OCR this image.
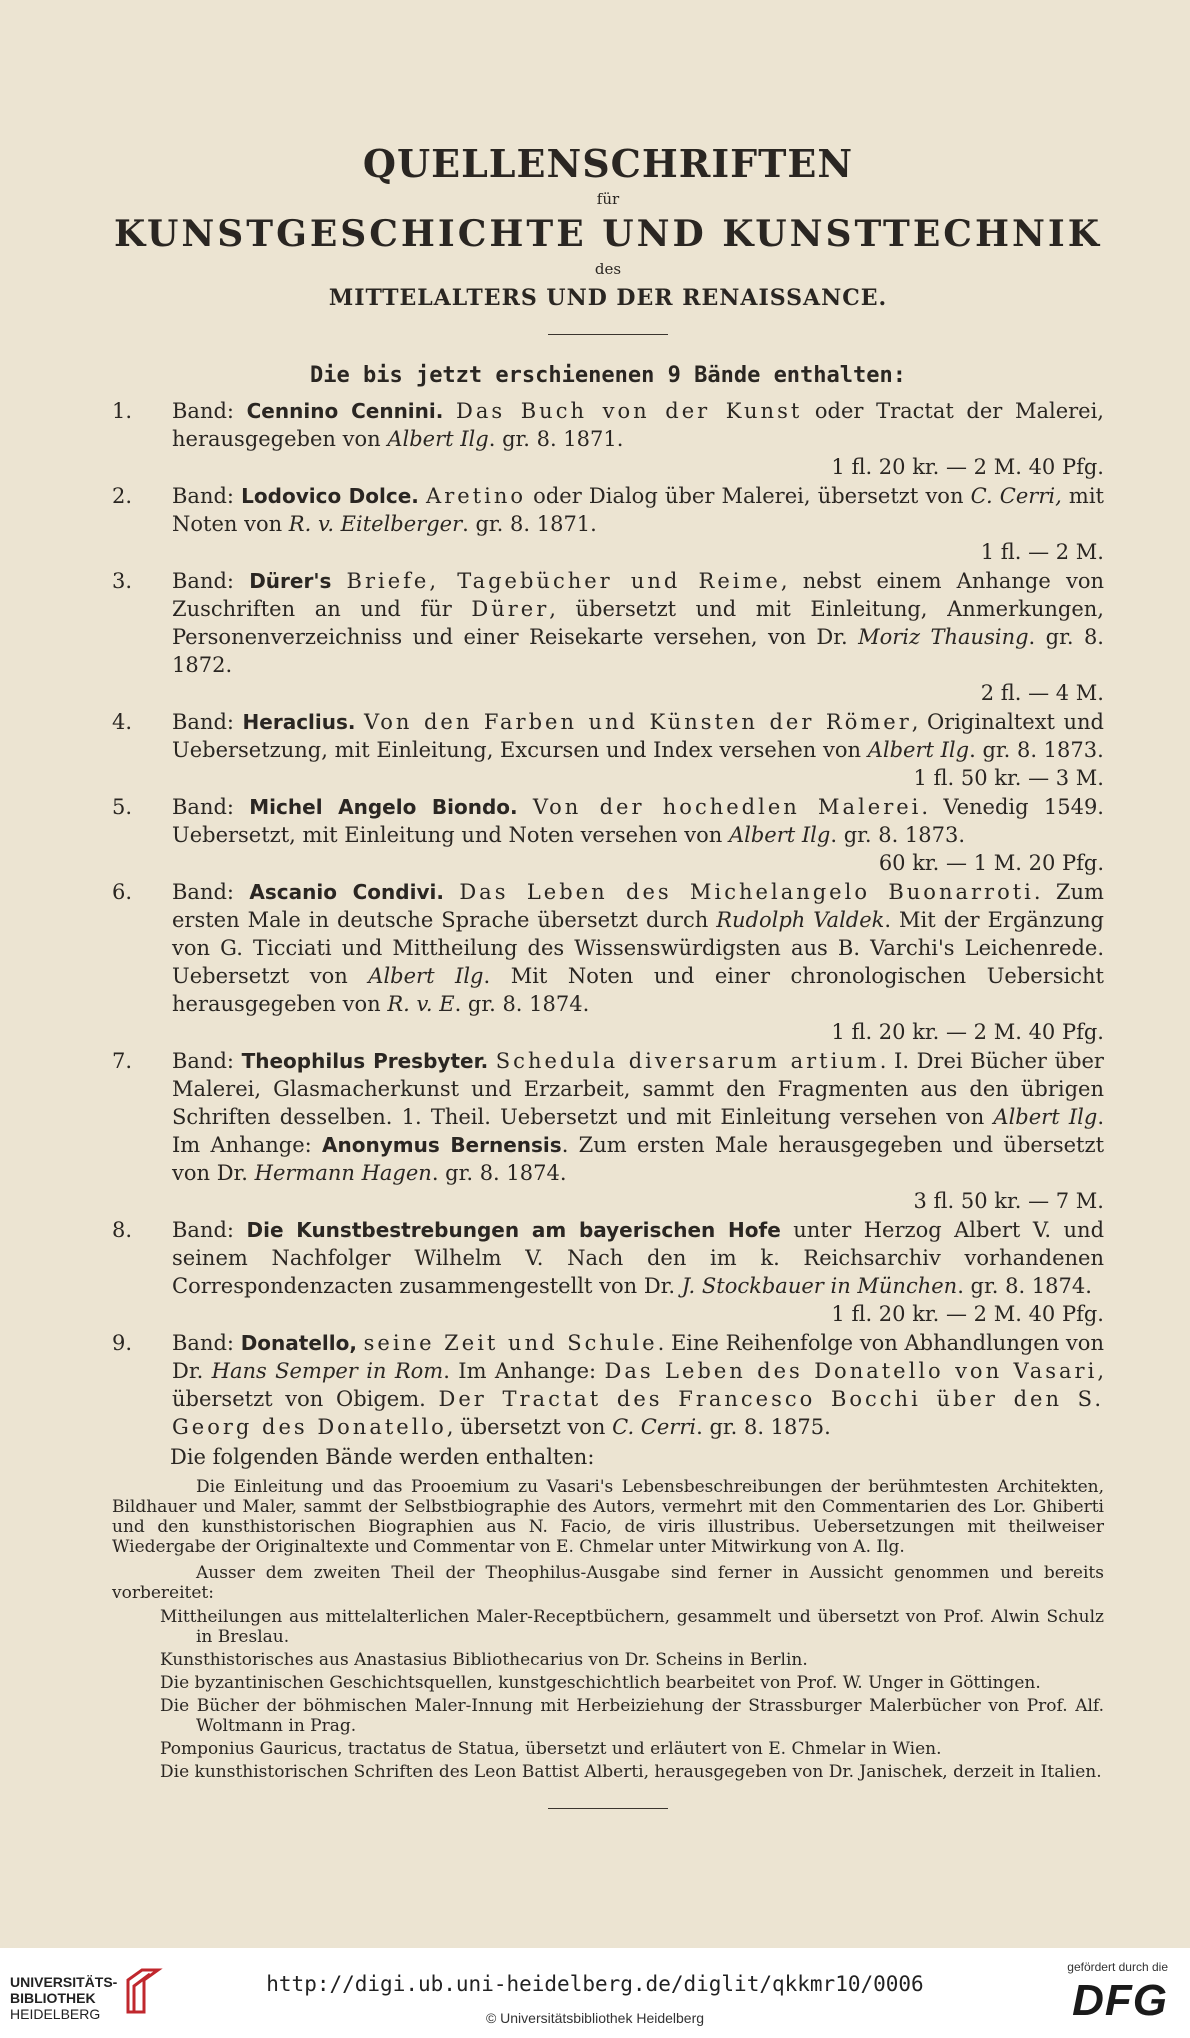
QUELLENSCHRIFTEN
für
KUNSTGESCHICHTE UND KUNSTTECHNIK
des
MITTELALTERS UND DER RENAISSANCE.
Die bis jetzt erschienenen 9 Bände enthalten:
1.	Band: Cennino Cennini. Das Buch von der Kunst oder Tractat der Malerei, herausgegeben von Albert Ilg. gr. 8. 1871.
1 fl. 20 kr. — 2 M. 40 Pfg.
2.	Band: Lodovico Dolce. Aretino oder Dialog über Malerei, übersetzt von C. Cerri, mit Noten von R. v. Eitelberger. gr. 8. 1871.
1 fl. — 2 M.
3.	Band: Dürer's Briefe, Tagebücher und Reime, nebst einem Anhange von Zuschriften an und für Dürer, übersetzt und mit Einleitung, Anmerkungen, Personenverzeichniss und einer Reisekarte versehen, von Dr. Moriz Thausing. gr. 8. 1872.
2 fl. — 4 M.
4.	Band: Heraclius. Von den Farben und Künsten der Römer, Originaltext und Uebersetzung, mit Einleitung, Excursen und Index versehen von Albert Ilg. gr. 8. 1873.
1 fl. 50 kr. — 3 M.
5.	Band: Michel Angelo Biondo. Von der hochedlen Malerei. Venedig 1549. Uebersetzt, mit Einleitung und Noten versehen von Albert Ilg. gr. 8. 1873.
60 kr. — 1 M. 20 Pfg.
6.	Band: Ascanio Condivi. Das Leben des Michelangelo Buonarroti. Zum ersten Male in deutsche Sprache übersetzt durch Rudolph Valdek. Mit der Ergänzung von G. Ticciati und Mittheilung des Wissenswürdigsten aus B. Varchi's Leichenrede. Uebersetzt von Albert Ilg. Mit Noten und einer chronologischen Uebersicht herausgegeben von R. v. E. gr. 8. 1874.
1 fl. 20 kr. — 2 M. 40 Pfg.
7.	Band: Theophilus Presbyter. Schedula diversarum artium. I. Drei Bücher über Malerei, Glasmacherkunst und Erzarbeit, sammt den Fragmenten aus den übrigen Schriften desselben. 1. Theil. Uebersetzt und mit Einleitung versehen von Albert Ilg. Im Anhange: Anonymus Bernensis. Zum ersten Male herausgegeben und übersetzt von Dr. Hermann Hagen. gr. 8. 1874.
3 fl. 50 kr. — 7 M.
8.	Band: Die Kunstbestrebungen am bayerischen Hofe unter Herzog Albert V. und seinem Nachfolger Wilhelm V. Nach den im k. Reichsarchiv vorhandenen Correspondenzacten zusammengestellt von Dr. J. Stockbauer in München. gr. 8. 1874.
1 fl. 20 kr. — 2 M. 40 Pfg.
9.	Band: Donatello, seine Zeit und Schule. Eine Reihenfolge von Abhandlungen von Dr. Hans Semper in Rom. Im Anhange: Das Leben des Donatello von Vasari, übersetzt von Obigem. Der Tractat des Francesco Bocchi über den S. Georg des Donatello, übersetzt von C. Cerri. gr. 8. 1875.
Die folgenden Bände werden enthalten:

Die Einleitung und das Prooemium zu Vasari's Lebensbeschreibungen der berühmtesten Architekten, Bildhauer und Maler, sammt der Selbstbiographie des Autors, vermehrt mit den Commentarien des Lor. Ghiberti und den kunsthistorischen Biographien aus N. Facio, de viris illustribus. Uebersetzungen mit theilweiser Wiedergabe der Originaltexte und Commentar von E. Chmelar unter Mitwirkung von A. Ilg.

Ausser dem zweiten Theil der Theophilus-Ausgabe sind ferner in Aussicht genommen und bereits vorbereitet:

Mittheilungen aus mittelalterlichen Maler-Receptbüchern, gesammelt und übersetzt von Prof. Alwin Schulz in Breslau.
Kunsthistorisches aus Anastasius Bibliothecarius von Dr. Scheins in Berlin.
Die byzantinischen Geschichtsquellen, kunstgeschichtlich bearbeitet von Prof. W. Unger in Göttingen.
Die Bücher der böhmischen Maler-Innung mit Herbeiziehung der Strassburger Malerbücher von Prof. Alf. Woltmann in Prag.
Pomponius Gauricus, tractatus de Statua, übersetzt und erläutert von E. Chmelar in Wien.
Die kunsthistorischen Schriften des Leon Battist Alberti, herausgegeben von Dr. Janischek, derzeit in Italien.
UNIVERSITÄTS-
BIBLIOTHEK
HEIDELBERG
http://digi.ub.uni-heidelberg.de/diglit/qkkmr10/0006
© Universitätsbibliothek Heidelberg
gefördert durch die
DFG
